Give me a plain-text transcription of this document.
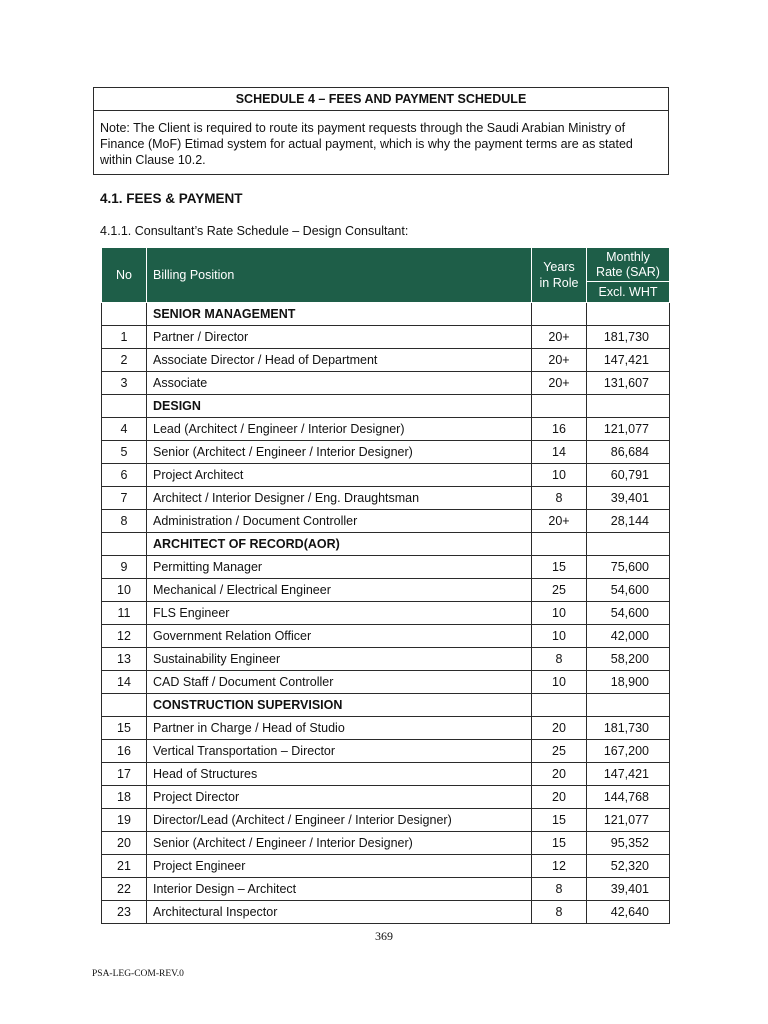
SCHEDULE 4 – FEES AND PAYMENT SCHEDULE
Note: The Client is required to route its payment requests through the Saudi Arabian Ministry of Finance (MoF) Etimad system for actual payment, which is why the payment terms are as stated within Clause 10.2.
4.1. FEES & PAYMENT
4.1.1. Consultant’s Rate Schedule – Design Consultant:
No	Billing Position	Years in Role	Monthly Rate (SAR)
			Excl. WHT
	SENIOR MANAGEMENT		
1	Partner / Director	20+	181,730
2	Associate Director / Head of Department	20+	147,421
3	Associate	20+	131,607
	DESIGN		
4	Lead (Architect / Engineer / Interior Designer)	16	121,077
5	Senior (Architect / Engineer / Interior Designer)	14	86,684
6	Project Architect	10	60,791
7	Architect / Interior Designer / Eng. Draughtsman	8	39,401
8	Administration / Document Controller	20+	28,144
	ARCHITECT OF RECORD(AOR)		
9	Permitting Manager	15	75,600
10	Mechanical / Electrical Engineer	25	54,600
11	FLS Engineer	10	54,600
12	Government Relation Officer	10	42,000
13	Sustainability Engineer	8	58,200
14	CAD Staff / Document Controller	10	18,900
	CONSTRUCTION SUPERVISION		
15	Partner in Charge / Head of Studio	20	181,730
16	Vertical Transportation – Director	25	167,200
17	Head of Structures	20	147,421
18	Project Director	20	144,768
19	Director/Lead (Architect / Engineer / Interior Designer)	15	121,077
20	Senior (Architect / Engineer / Interior Designer)	15	95,352
21	Project Engineer	12	52,320
22	Interior Design – Architect	8	39,401
23	Architectural Inspector	8	42,640
369
PSA-LEG-COM-REV.0
